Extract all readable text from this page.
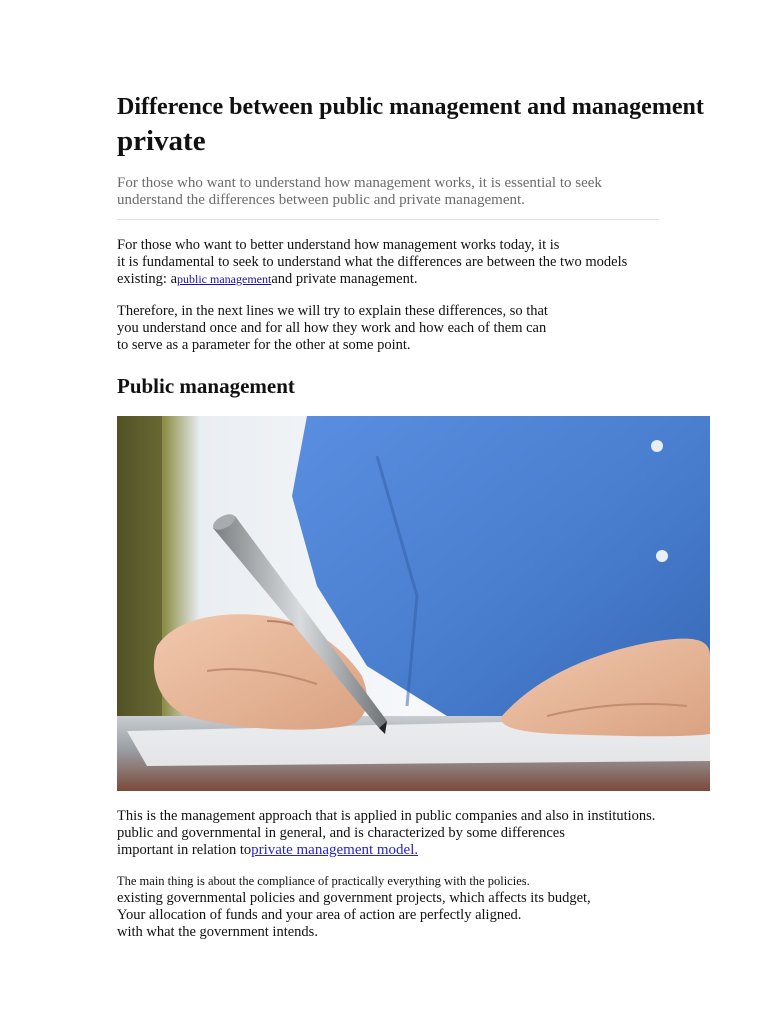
Difference between public management and management
private

For those who want to understand how management works, it is essential to seek
understand the differences between public and private management.

For those who want to better understand how management works today, it is
it is fundamental to seek to understand what the differences are between the two models
existing: apublic managementand private management.

Therefore, in the next lines we will try to explain these differences, so that
you understand once and for all how they work and how each of them can
to serve as a parameter for the other at some point.

Public management

This is the management approach that is applied in public companies and also in institutions.
public and governmental in general, and is characterized by some differences
important in relation toprivate management model.

The main thing is about the compliance of practically everything with the policies.
existing governmental policies and government projects, which affects its budget,
Your allocation of funds and your area of action are perfectly aligned.
with what the government intends.
